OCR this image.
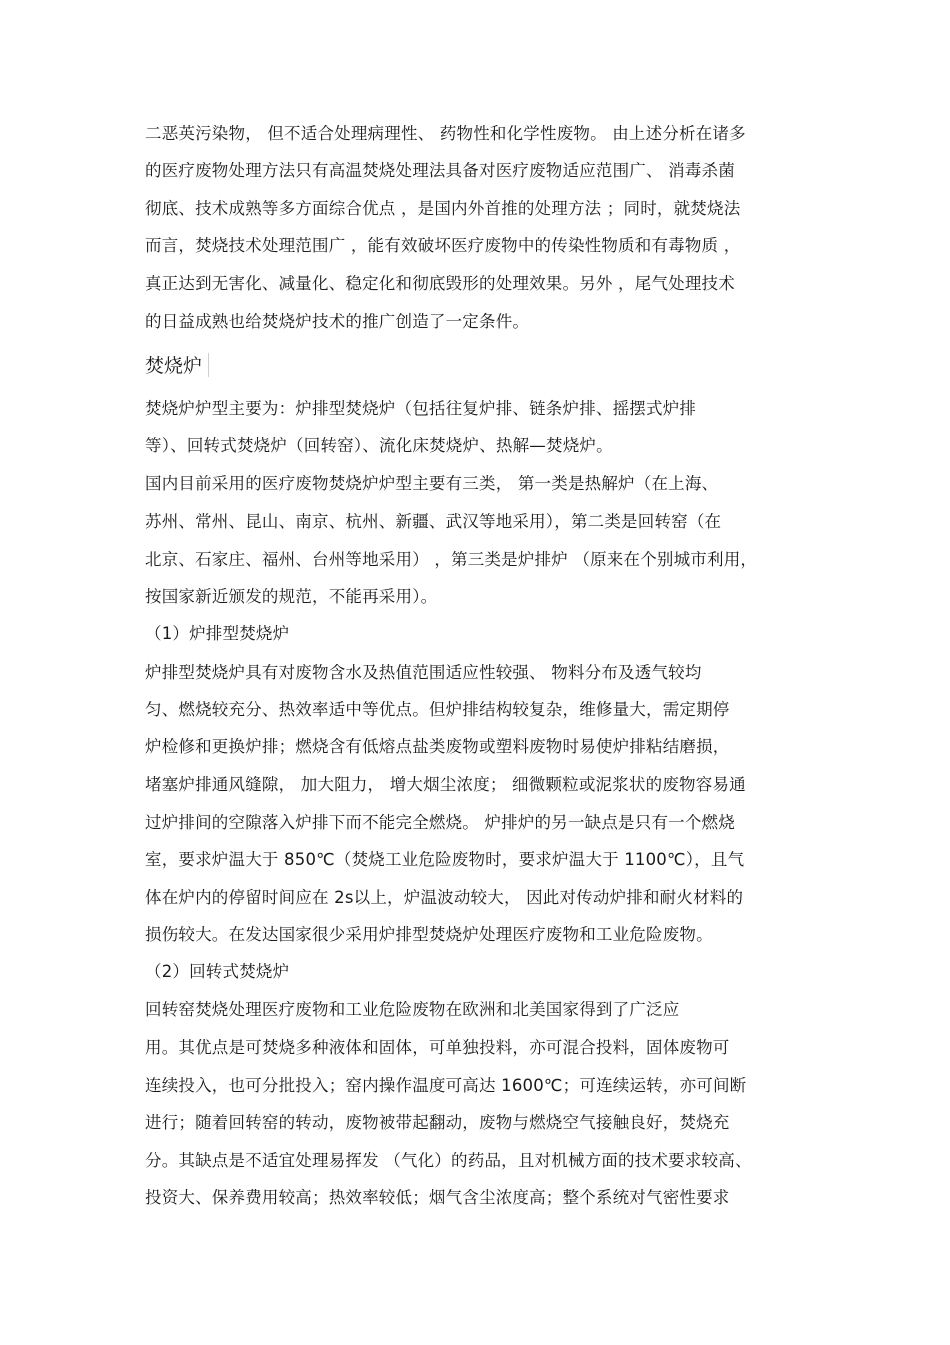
二恶英污染物， 但不适合处理病理性、 药物性和化学性废物。 由上述分析在诸多
的医疗废物处理方法只有高温焚烧处理法具备对医疗废物适应范围广、 消毒杀菌
彻底、技术成熟等多方面综合优点 ，是国内外首推的处理方法 ；同时，就焚烧法
而言，焚烧技术处理范围广 ，能有效破坏医疗废物中的传染性物质和有毒物质 ，
真正达到无害化、减量化、稳定化和彻底毁形的处理效果。另外 ，尾气处理技术
的日益成熟也给焚烧炉技术的推广创造了一定条件。
焚烧炉
焚烧炉炉型主要为：炉排型焚烧炉（包括往复炉排、链条炉排、摇摆式炉排
等）、回转式焚烧炉（回转窑）、流化床焚烧炉、热解—焚烧炉。
国内目前采用的医疗废物焚烧炉炉型主要有三类， 第一类是热解炉（在上海、
苏州、常州、昆山、南京、杭州、新疆、武汉等地采用），第二类是回转窑（在
北京、石家庄、福州、台州等地采用） ，第三类是炉排炉 （原来在个别城市利用，
按国家新近颁发的规范，不能再采用）。
（1）炉排型焚烧炉
炉排型焚烧炉具有对废物含水及热值范围适应性较强、 物料分布及透气较均
匀、燃烧较充分、热效率适中等优点。但炉排结构较复杂，维修量大，需定期停
炉检修和更换炉排；燃烧含有低熔点盐类废物或塑料废物时易使炉排粘结磨损，
堵塞炉排通风缝隙， 加大阻力， 增大烟尘浓度； 细微颗粒或泥浆状的废物容易通
过炉排间的空隙落入炉排下而不能完全燃烧。 炉排炉的另一缺点是只有一个燃烧
室，要求炉温大于 850℃（焚烧工业危险废物时，要求炉温大于 1100℃），且气
体在炉内的停留时间应在 2s以上，炉温波动较大， 因此对传动炉排和耐火材料的
损伤较大。在发达国家很少采用炉排型焚烧炉处理医疗废物和工业危险废物。
（2）回转式焚烧炉
回转窑焚烧处理医疗废物和工业危险废物在欧洲和北美国家得到了广泛应
用。其优点是可焚烧多种液体和固体，可单独投料，亦可混合投料，固体废物可
连续投入，也可分批投入；窑内操作温度可高达 1600℃；可连续运转，亦可间断
进行；随着回转窑的转动，废物被带起翻动，废物与燃烧空气接触良好，焚烧充
分。其缺点是不适宜处理易挥发 （气化）的药品，且对机械方面的技术要求较高、
投资大、保养费用较高；热效率较低；烟气含尘浓度高；整个系统对气密性要求
